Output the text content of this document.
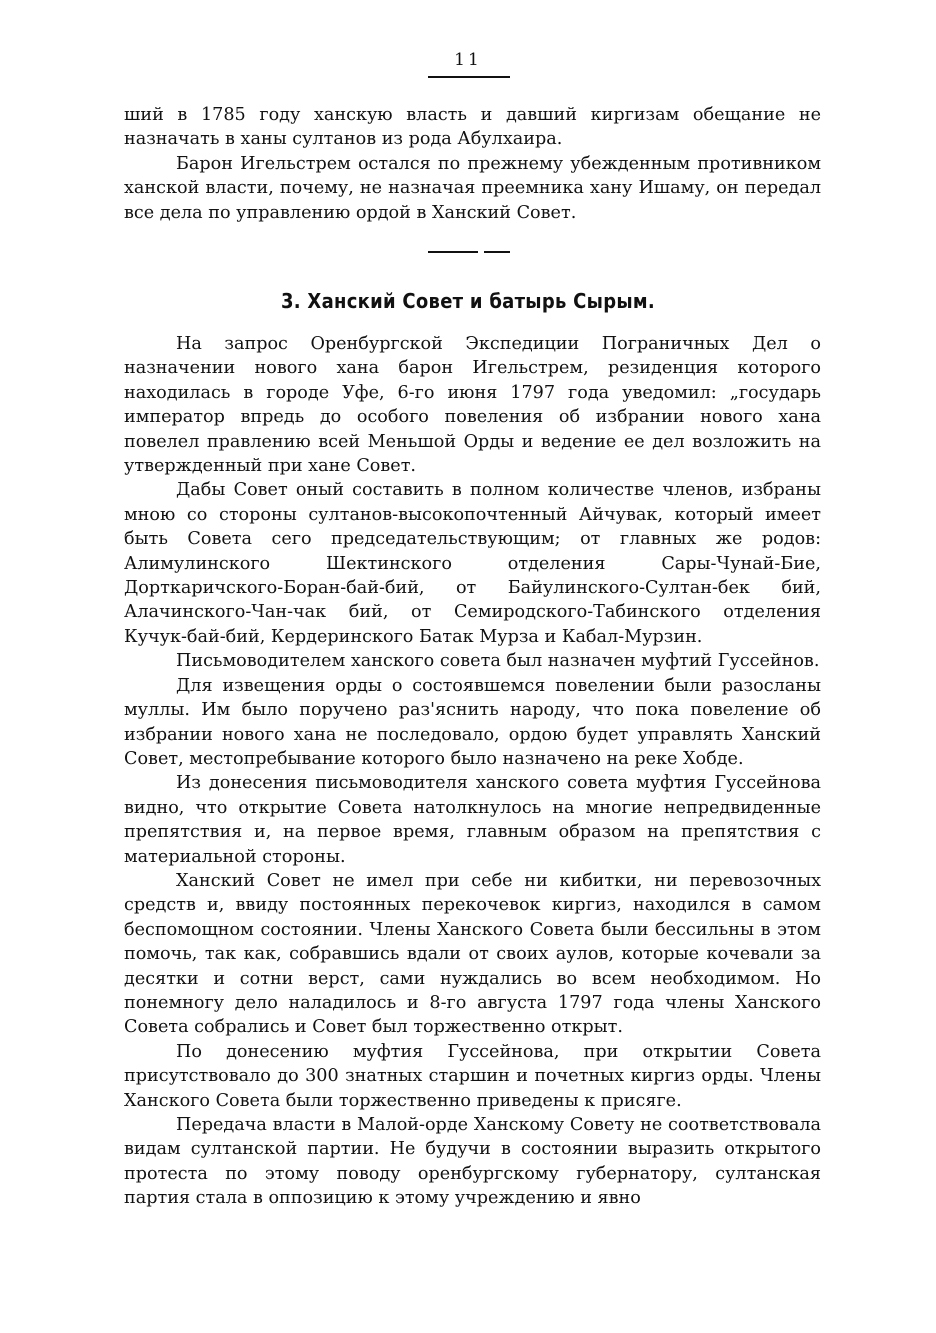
11

ший в 1785 году ханскую власть и давший киргизам обещание не назначать в ханы султанов из рода Абулхаира.

Барон Игельстрем остался по прежнему убежденным противником ханской власти, почему, не назначая преемника хану Ишаму, он передал все дела по управлению ордой в Ханский Совет.

3. Ханский Совет и батырь Сырым.

На запрос Оренбургской Экспедиции Пограничных Дел о назначении нового хана барон Игельстрем, резиденция которого находилась в городе Уфе, 6-го июня 1797 года уведомил: „государь император впредь до особого повеления об избрании нового хана повелел правлению всей Меньшой Орды и ведение ее дел возложить на утвержденный при хане Совет.

Дабы Совет оный составить в полном количестве членов, избраны мною со стороны султанов-высокопочтенный Айчувак, который имеет быть Совета сего председательствующим; от главных же родов: Алимулинского Шектинского отделения Сары-Чунай-Бие, Дорткаричского-Боран-бай-бий, от Байулинского-Султан-бек бий, Алачинского-Чан-чак бий, от Семиродского-Табинского отделения Кучук-бай-бий, Кердеринского Батак Мурза и Кабал-Мурзин.

Письмоводителем ханского совета был назначен муфтий Гуссейнов.

Для извещения орды о состоявшемся повелении были разосланы муллы. Им было поручено раз'яснить народу, что пока повеление об избрании нового хана не последовало, ордою будет управлять Ханский Совет, местопребывание которого было назначено на реке Хобде.

Из донесения письмоводителя ханского совета муфтия Гуссейнова видно, что открытие Совета натолкнулось на многие непредвиденные препятствия и, на первое время, главным образом на препятствия с материальной стороны.

Ханский Совет не имел при себе ни кибитки, ни перевозочных средств и, ввиду постоянных перекочевок киргиз, находился в самом беспомощном состоянии. Члены Ханского Совета были бессильны в этом помочь, так как, собравшись вдали от своих аулов, которые кочевали за десятки и сотни верст, сами нуждались во всем необходимом. Но понемногу дело наладилось и 8-го августа 1797 года члены Ханского Совета собрались и Совет был торжественно открыт.

По донесению муфтия Гуссейнова, при открытии Совета присутствовало до 300 знатных старшин и почетных киргиз орды. Члены Ханского Совета были торжественно приведены к присяге.

Передача власти в Малой-орде Ханскому Совету не соответствовала видам султанской партии. Не будучи в состоянии выразить открытого протеста по этому поводу оренбургскому губернатору, султанская партия стала в оппозицию к этому учреждению и явно
